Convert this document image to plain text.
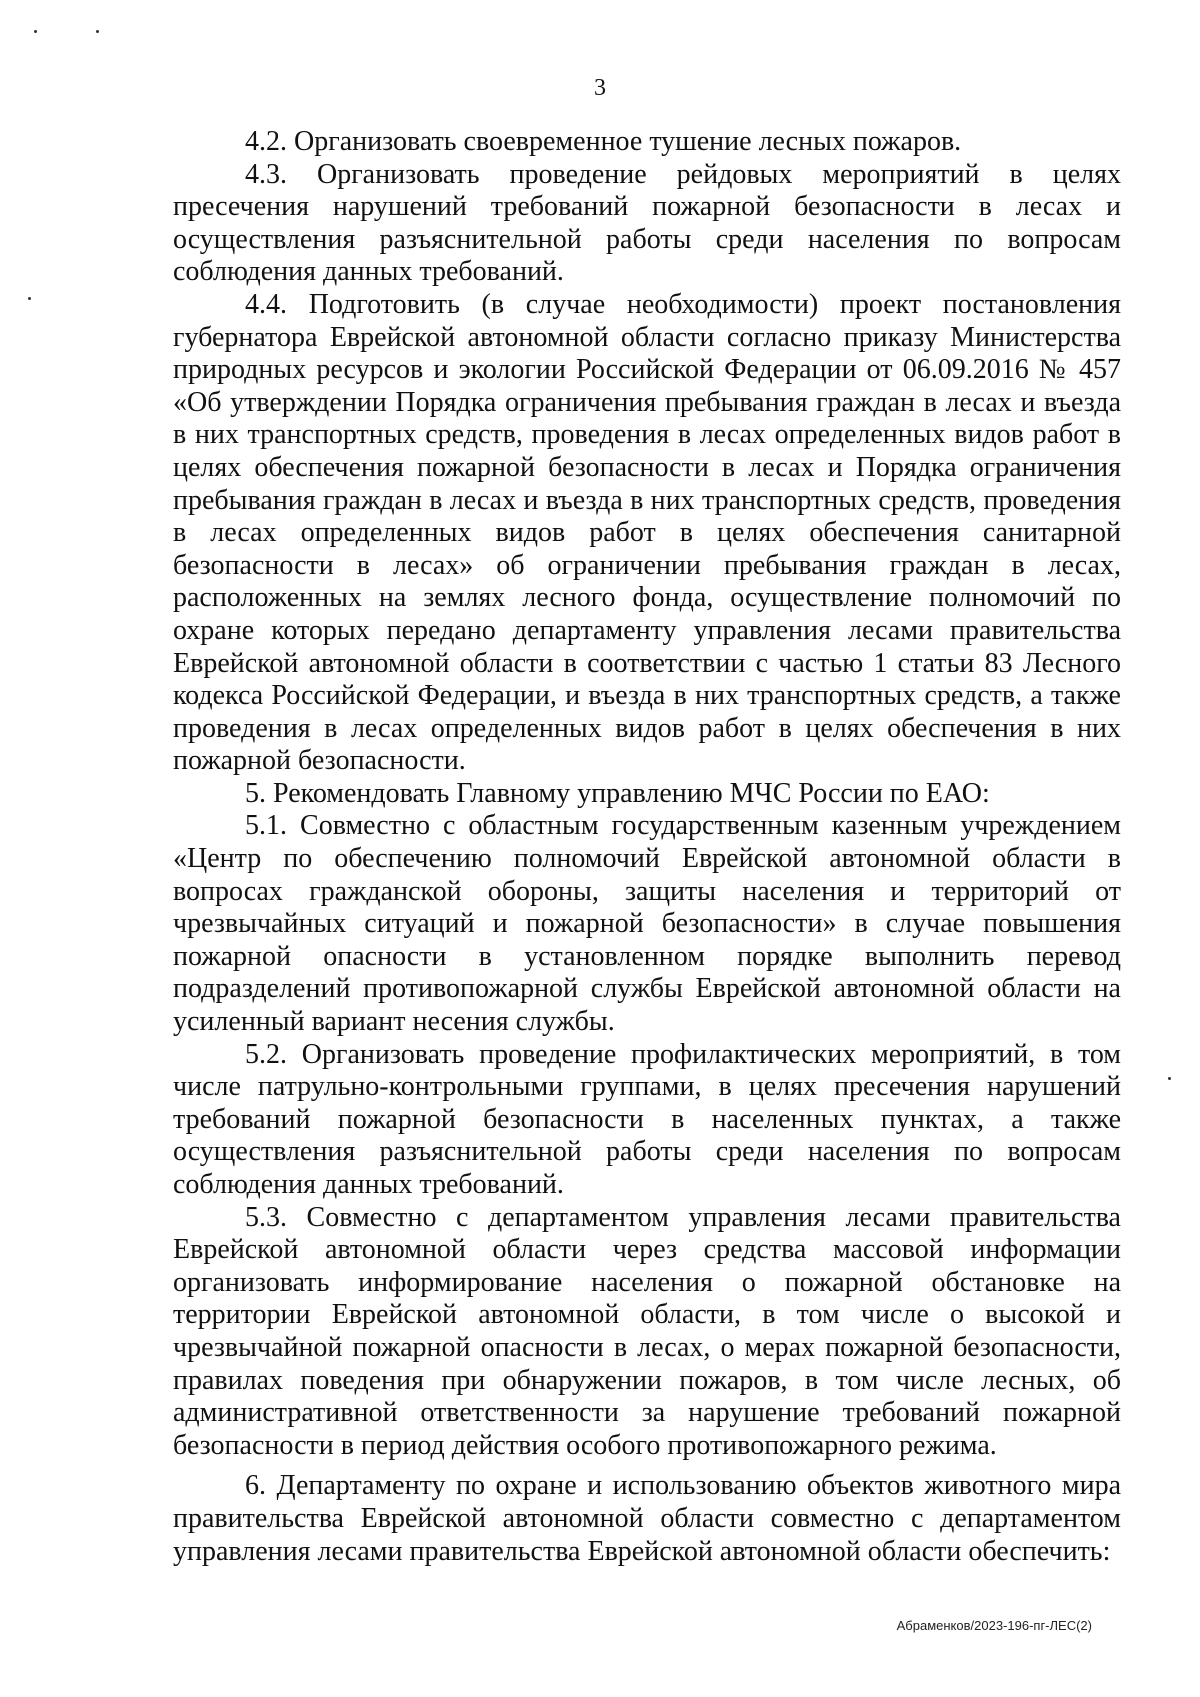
3

4.2. Организовать своевременное тушение лесных пожаров.

4.3. Организовать проведение рейдовых мероприятий в целях пресечения нарушений требований пожарной безопасности в лесах и осуществления разъяснительной работы среди населения по вопросам соблюдения данных требований.

4.4. Подготовить (в случае необходимости) проект постановления губернатора Еврейской автономной области согласно приказу Министерства природных ресурсов и экологии Российской Федерации от 06.09.2016 № 457 «Об утверждении Порядка ограничения пребывания граждан в лесах и въезда в них транспортных средств, проведения в лесах определенных видов работ в целях обеспечения пожарной безопасности в лесах и Порядка ограничения пребывания граждан в лесах и въезда в них транспортных средств, проведения в лесах определенных видов работ в целях обеспечения санитарной безопасности в лесах» об ограничении пребывания граждан в лесах, расположенных на землях лесного фонда, осуществление полномочий по охране которых передано департаменту управления лесами правительства Еврейской автономной области в соответствии с частью 1 статьи 83 Лесного кодекса Российской Федерации, и въезда в них транспортных средств, а также проведения в лесах определенных видов работ в целях обеспечения в них пожарной безопасности.

5. Рекомендовать Главному управлению МЧС России по ЕАО:

5.1. Совместно с областным государственным казенным учреждением «Центр по обеспечению полномочий Еврейской автономной области в вопросах гражданской обороны, защиты населения и территорий от чрезвычайных ситуаций и пожарной безопасности» в случае повышения пожарной опасности в установленном порядке выполнить перевод подразделений противопожарной службы Еврейской автономной области на усиленный вариант несения службы.

5.2. Организовать проведение профилактических мероприятий, в том числе патрульно-контрольными группами, в целях пресечения нарушений требований пожарной безопасности в населенных пунктах, а также осуществления разъяснительной работы среди населения по вопросам соблюдения данных требований.

5.3. Совместно с департаментом управления лесами правительства Еврейской автономной области через средства массовой информации организовать информирование населения о пожарной обстановке на территории Еврейской автономной области, в том числе о высокой и чрезвычайной пожарной опасности в лесах, о мерах пожарной безопасности, правилах поведения при обнаружении пожаров, в том числе лесных, об административной ответственности за нарушение требований пожарной безопасности в период действия особого противопожарного режима.

6. Департаменту по охране и использованию объектов животного мира правительства Еврейской автономной области совместно с департаментом управления лесами правительства Еврейской автономной области обеспечить:

Абраменков/2023-196-пг-ЛЕС(2)
